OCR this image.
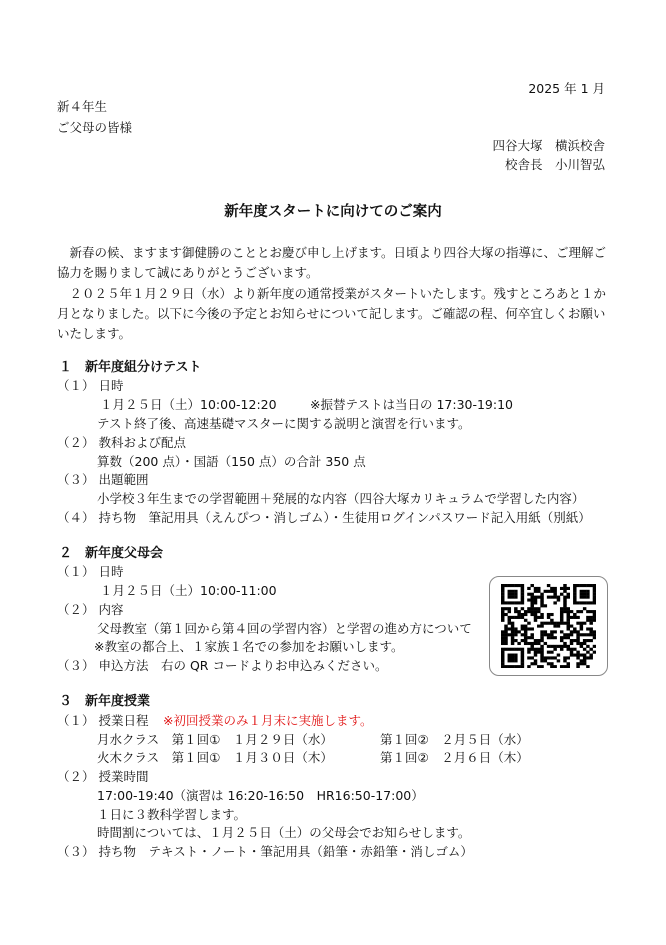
2025 年 1 月
新４年生
ご父母の皆様
四谷大塚　横浜校舎
校舎長　小川智弘
新年度スタートに向けてのご案内
　新春の候、ますます御健勝のこととお慶び申し上げます。日頃より四谷大塚の指導に、ご理解ご協力を賜りまして誠にありがとうございます。
　２０２５年１月２９日（水）より新年度の通常授業がスタートいたします。残すところあと１か月となりました。以下に今後の予定とお知らせについて記します。ご確認の程、何卒宜しくお願いいたします。
１　新年度組分けテスト
（１） 日時
１月２５日（土）10:00-12:20	※振替テストは当日の 17:30-19:10
テスト終了後、高速基礎マスターに関する説明と演習を行います。
（２） 教科および配点
算数（200 点）・国語（150 点）の合計 350 点
（３） 出題範囲
小学校３年生までの学習範囲＋発展的な内容（四谷大塚カリキュラムで学習した内容）
（４） 持ち物　筆記用具（えんぴつ・消しゴム）・生徒用ログインパスワード記入用紙（別紙）
２　新年度父母会
（１） 日時
１月２５日（土）10:00-11:00
（２） 内容
父母教室（第１回から第４回の学習内容）と学習の進め方について
※教室の都合上、１家族１名での参加をお願いします。
（３） 申込方法　右の QR コードよりお申込みください。
３　新年度授業
（１） 授業日程 ※初回授業のみ１月末に実施します。
月水クラス　第１回①　１月２９日（水）	第１回②　２月５日（水）
火木クラス　第１回①　１月３０日（木）	第１回②　２月６日（木）
（２） 授業時間
17:00-19:40（演習は 16:20-16:50　HR16:50-17:00）
１日に３教科学習します。
時間割については、１月２５日（土）の父母会でお知らせします。
（３） 持ち物　テキスト・ノート・筆記用具（鉛筆・赤鉛筆・消しゴム）
